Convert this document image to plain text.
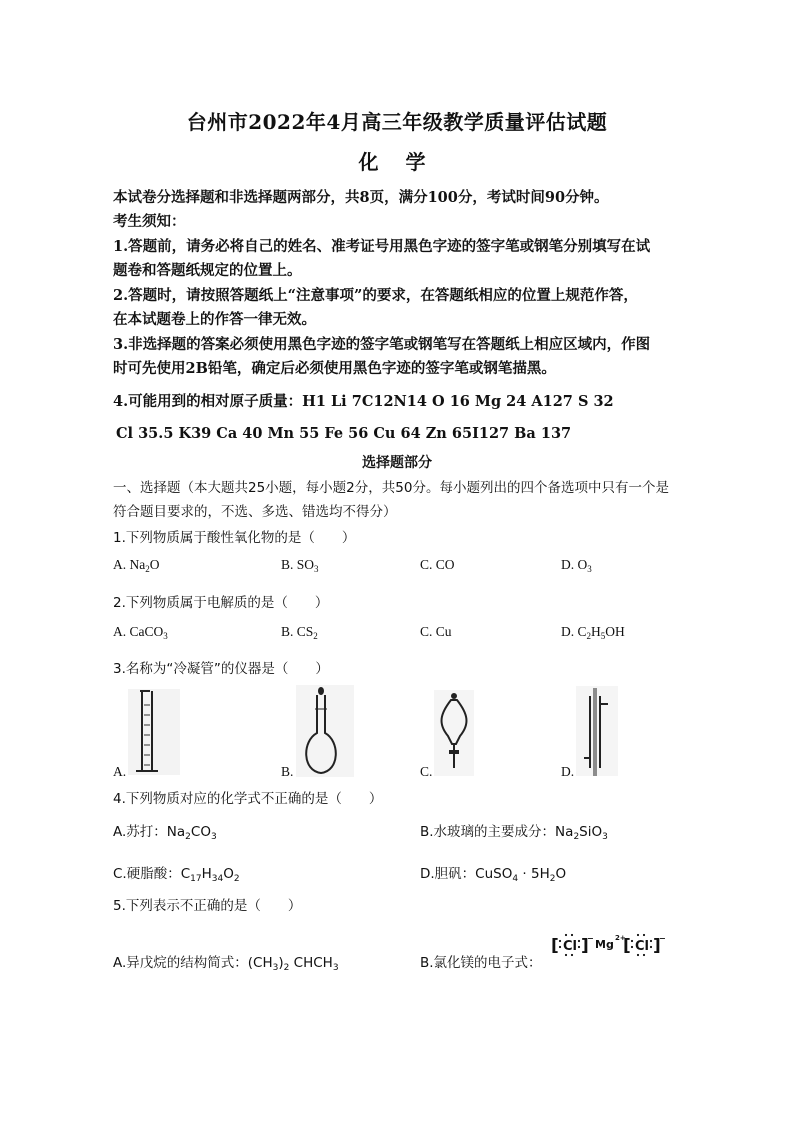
台州市2022年4月高三年级教学质量评估试题
化 学
本试卷分选择题和非选择题两部分，共8页，满分100分，考试时间90分钟。
考生须知：
1.答题前，请务必将自己的姓名、准考证号用黑色字迹的签字笔或钢笔分别填写在试
题卷和答题纸规定的位置上。
2.答题时，请按照答题纸上“注意事项”的要求，在答题纸相应的位置上规范作答，
在本试题卷上的作答一律无效。
3.非选择题的答案必须使用黑色字迹的签字笔或钢笔写在答题纸上相应区域内，作图
时可先使用2B铅笔，确定后必须使用黑色字迹的签字笔或钢笔描黑。
4.可能用到的相对原子质量：H1 Li 7C12N14 O 16 Mg 24 A127 S 32
Cl 35.5 K39 Ca 40 Mn 55 Fe 56 Cu 64 Zn 65I127 Ba 137
选择题部分
一、选择题（本大题共25小题，每小题2分，共50分。每小题列出的四个备选项中只有一个是
符合题目要求的，不选、多选、错选均不得分）
1.下列物质属于酸性氧化物的是（　　）
A. $Na_2O$	B. $SO_3$	C. CO	D. $O_3$
2.下列物质属于电解质的是（　　）
A. CaCO$_3$	B. $CS_2$	C. Cu	D. $C_2H_5OH$
3.名称为“冷凝管”的仪器是（　　）
A.	B.	C.	D.
4.下列物质对应的化学式不正确的是（　　）
A.苏打：$Na_2CO_3$	B.水玻璃的主要成分：$Na_2SiO_3$
C.硬脂酸：$C_{17}H_{34}O_2$	D.胆矾：CuSO$_4$ · $5H_2O$
5.下列表示不正确的是（　　）
A.异戊烷的结构简式：$(CH_3)_2$ $CHCH_3$	B.氯化镁的电子式：
[ Cl ]
− Mg 2+
[ Cl ]
−
